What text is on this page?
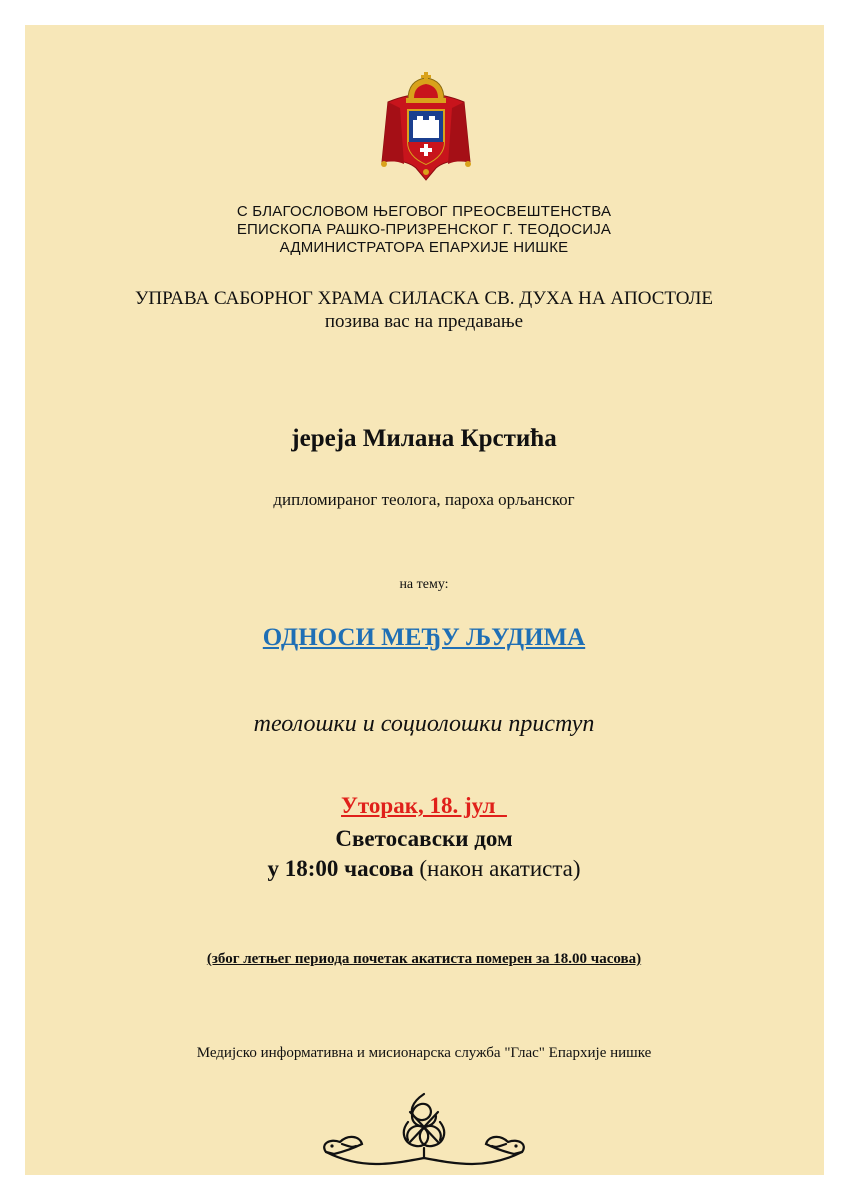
С БЛАГОСЛОВОМ ЊЕГОВОГ ПРЕОСВЕШТЕНСТВА
ЕПИСКОПА РАШКО-ПРИЗРЕНСКОГ Г. ТЕОДОСИЈА
АДМИНИСТРАТОРА ЕПАРХИЈЕ НИШКЕ
УПРАВА САБОРНОГ ХРАМА СИЛАСКА СВ. ДУХА НА АПОСТОЛЕ
позива вас на предавање
јереја Милана Крстића
дипломираног теолога, пароха орљанског
на тему:
ОДНОСИ МЕЂУ ЉУДИМА
теолошки и социолошки приступ
Уторак, 18. јул
Светосавски дом
у 18:00 часова (након акатиста)
(због летњег периода почетак акатиста померен за 18.00 часова)
Медијско информативна и мисионарска служба "Глас" Епархије нишке
